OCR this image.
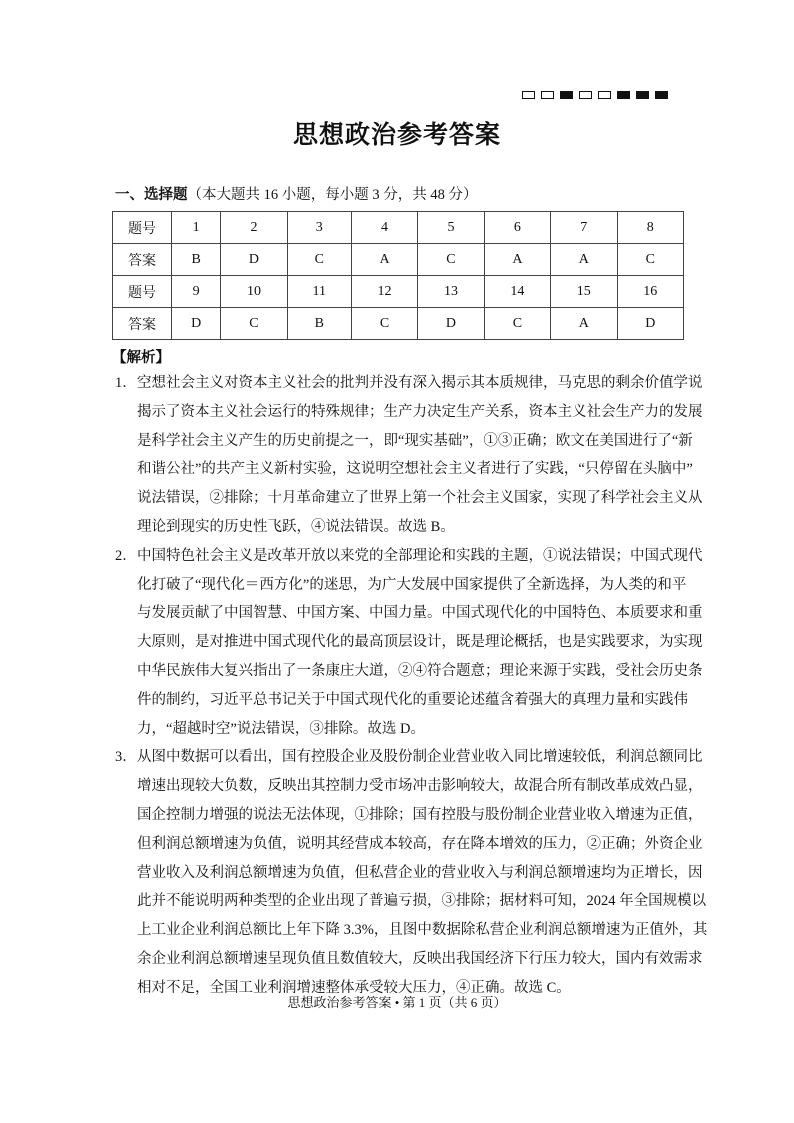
思想政治参考答案
一、选择题（本大题共 16 小题，每小题 3 分，共 48 分）
题号	1	2	3	4	5	6	7	8
答案	B	D	C	A	C	A	A	C
题号	9	10	11	12	13	14	15	16
答案	D	C	B	C	D	C	A	D
【解析】
1． 空想社会主义对资本主义社会的批判并没有深入揭示其本质规律，马克思的剩余价值学说
揭示了资本主义社会运行的特殊规律；生产力决定生产关系，资本主义社会生产力的发展
是科学社会主义产生的历史前提之一，即“现实基础”，①③正确；欧文在美国进行了“新
和谐公社”的共产主义新村实验，这说明空想社会主义者进行了实践，“只停留在头脑中”
说法错误，②排除；十月革命建立了世界上第一个社会主义国家，实现了科学社会主义从
理论到现实的历史性飞跃，④说法错误。故选 B。
2． 中国特色社会主义是改革开放以来党的全部理论和实践的主题，①说法错误；中国式现代
化打破了“现代化＝西方化”的迷思，为广大发展中国家提供了全新选择，为人类的和平
与发展贡献了中国智慧、中国方案、中国力量。中国式现代化的中国特色、本质要求和重
大原则，是对推进中国式现代化的最高顶层设计，既是理论概括，也是实践要求，为实现
中华民族伟大复兴指出了一条康庄大道，②④符合题意；理论来源于实践，受社会历史条
件的制约，习近平总书记关于中国式现代化的重要论述蕴含着强大的真理力量和实践伟
力，“超越时空”说法错误，③排除。故选 D。
3． 从图中数据可以看出，国有控股企业及股份制企业营业收入同比增速较低，利润总额同比
增速出现较大负数，反映出其控制力受市场冲击影响较大，故混合所有制改革成效凸显，
国企控制力增强的说法无法体现，①排除；国有控股与股份制企业营业收入增速为正值，
但利润总额增速为负值，说明其经营成本较高，存在降本增效的压力，②正确；外资企业
营业收入及利润总额增速为负值，但私营企业的营业收入与利润总额增速均为正增长，因
此并不能说明两种类型的企业出现了普遍亏损，③排除；据材料可知，2024 年全国规模以
上工业企业利润总额比上年下降 3.3%，且图中数据除私营企业利润总额增速为正值外，其
余企业利润总额增速呈现负值且数值较大，反映出我国经济下行压力较大，国内有效需求
相对不足，全国工业利润增速整体承受较大压力，④正确。故选 C。
思想政治参考答案 • 第 1 页（共 6 页）
